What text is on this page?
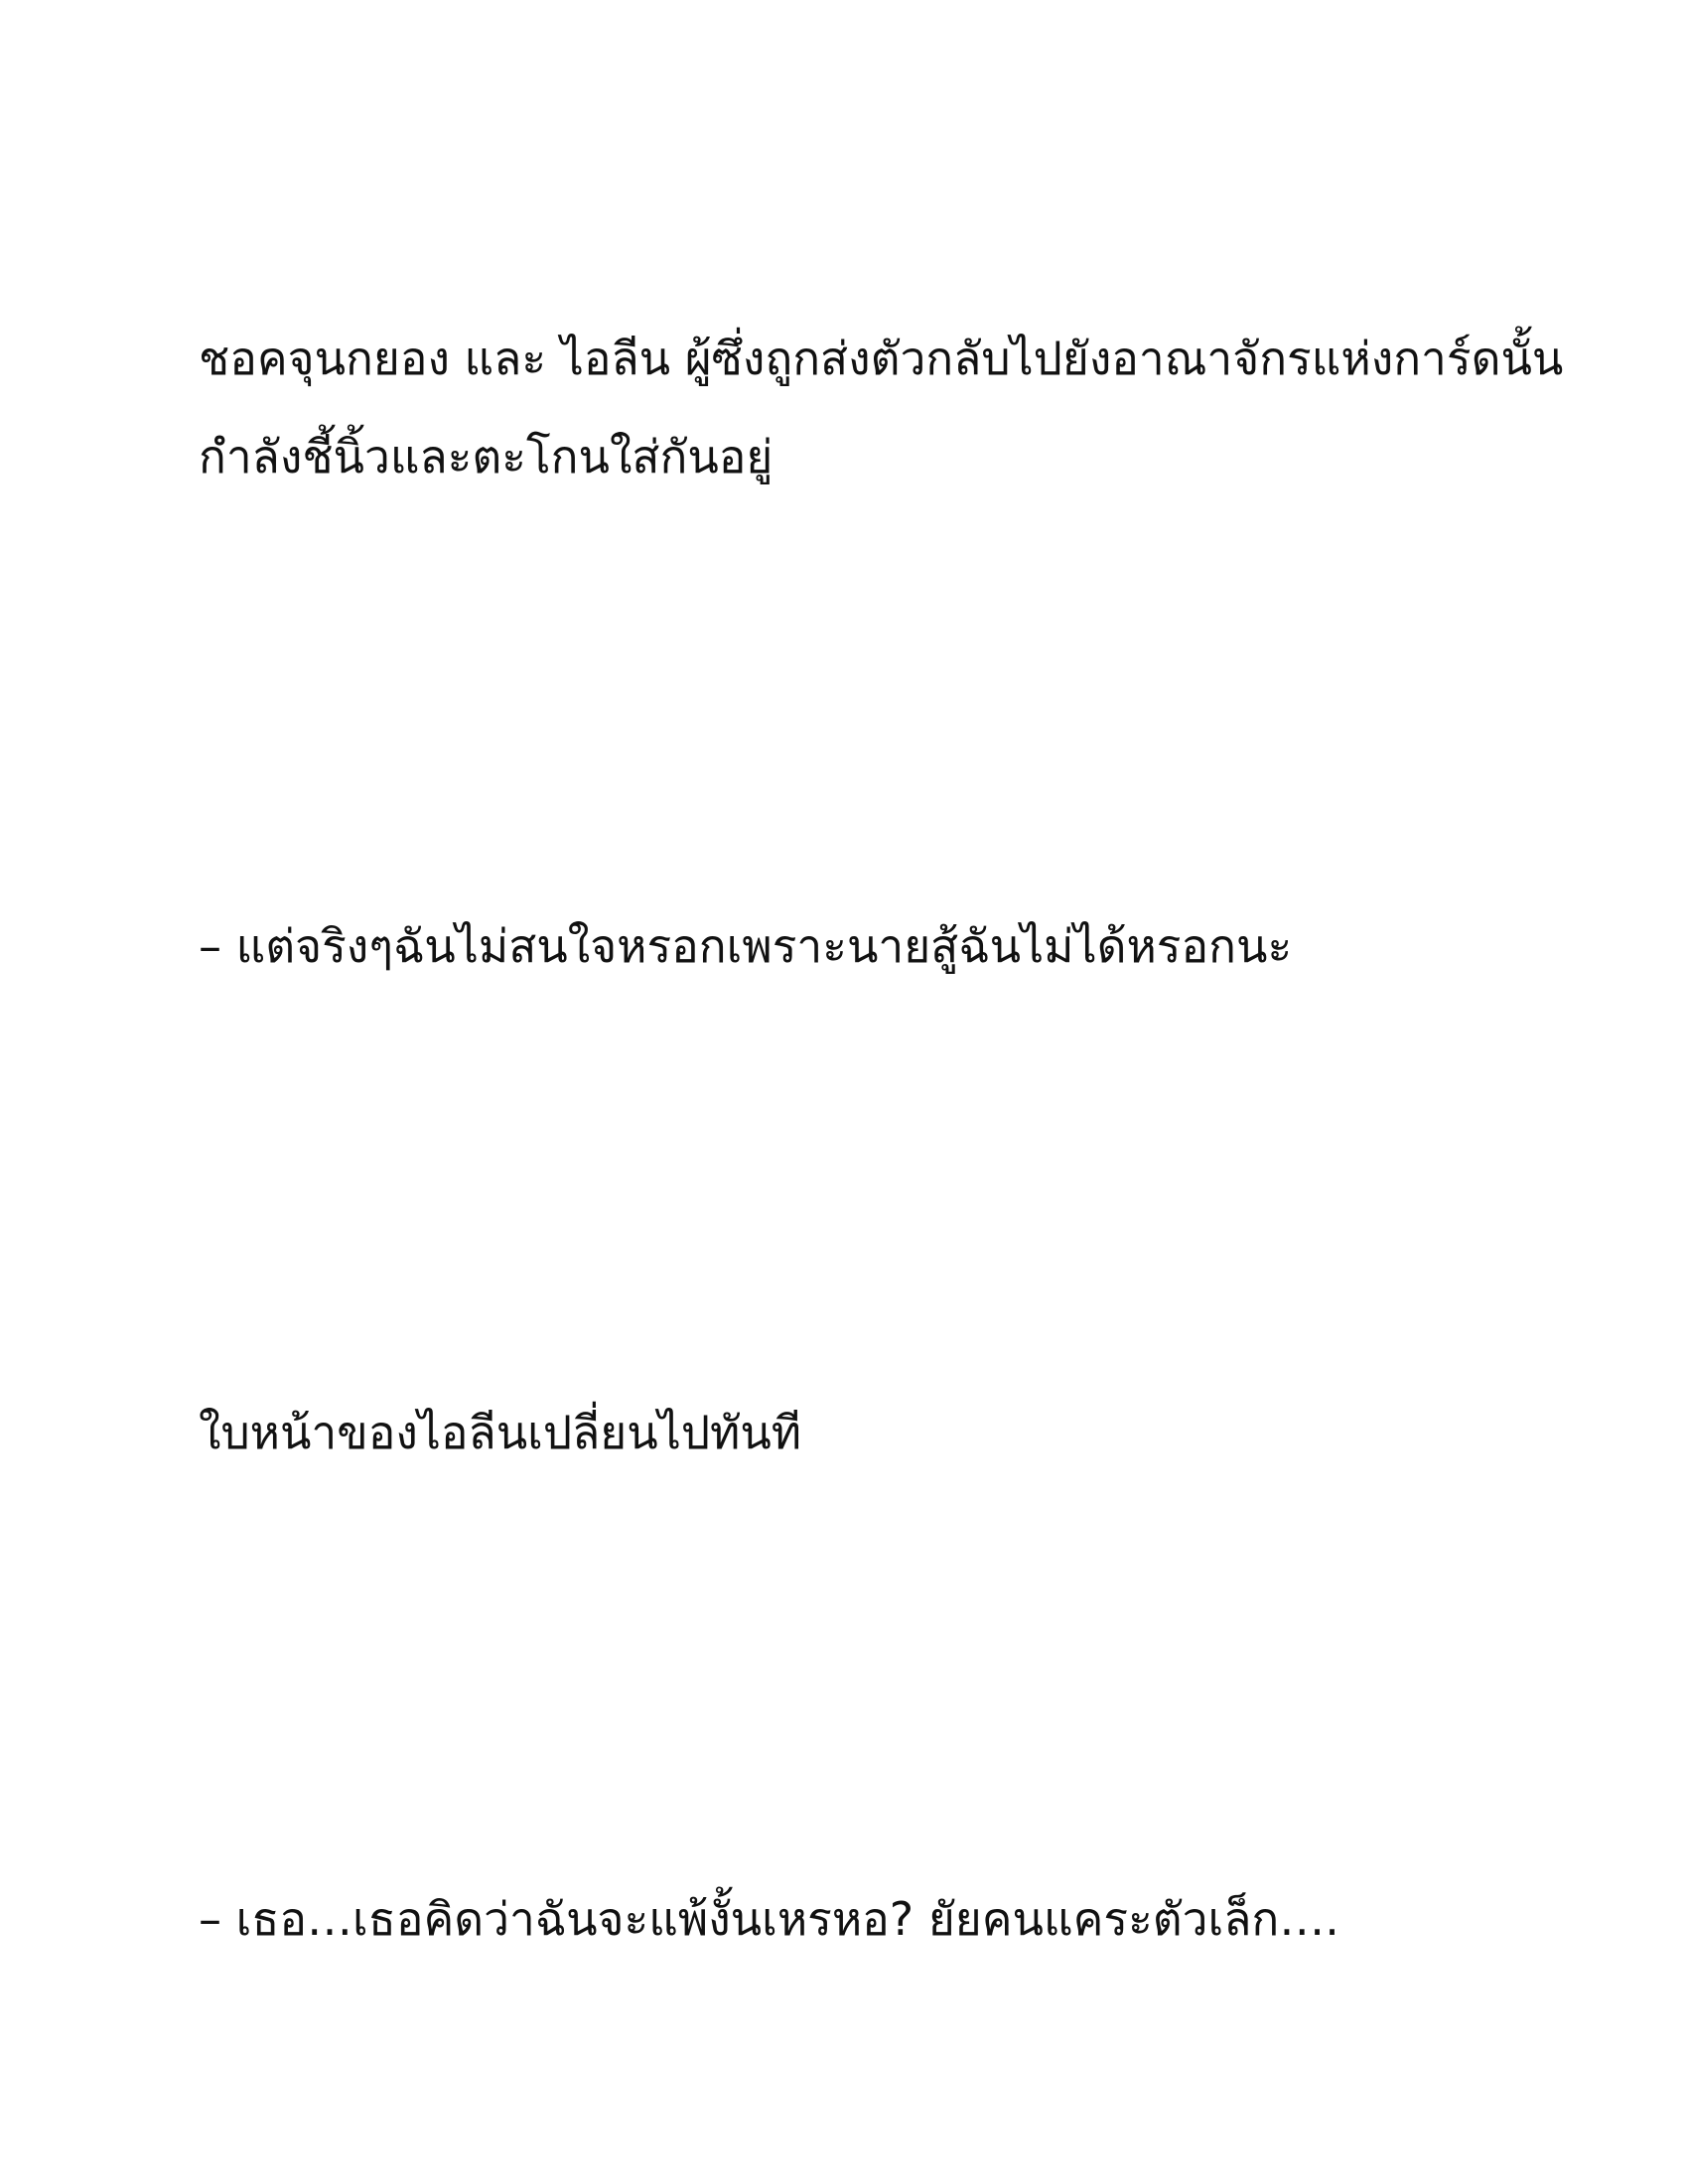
ชอคจุนกยอง และ ไอลีน ผู้ซึ่งถูกส่งตัวกลับไปยังอาณาจักรแห่งการ์ดนั้น
กำลังชี้นิ้วและตะโกนใส่กันอยู่
– แต่จริงๆฉันไม่สนใจหรอกเพราะนายสู้ฉันไม่ได้หรอกนะ
ใบหน้าของไอลีนเปลี่ยนไปทันที
– เธอ…เธอคิดว่าฉันจะแพ้งั้นเหรหอ? ยัยคนแคระตัวเล็ก….
